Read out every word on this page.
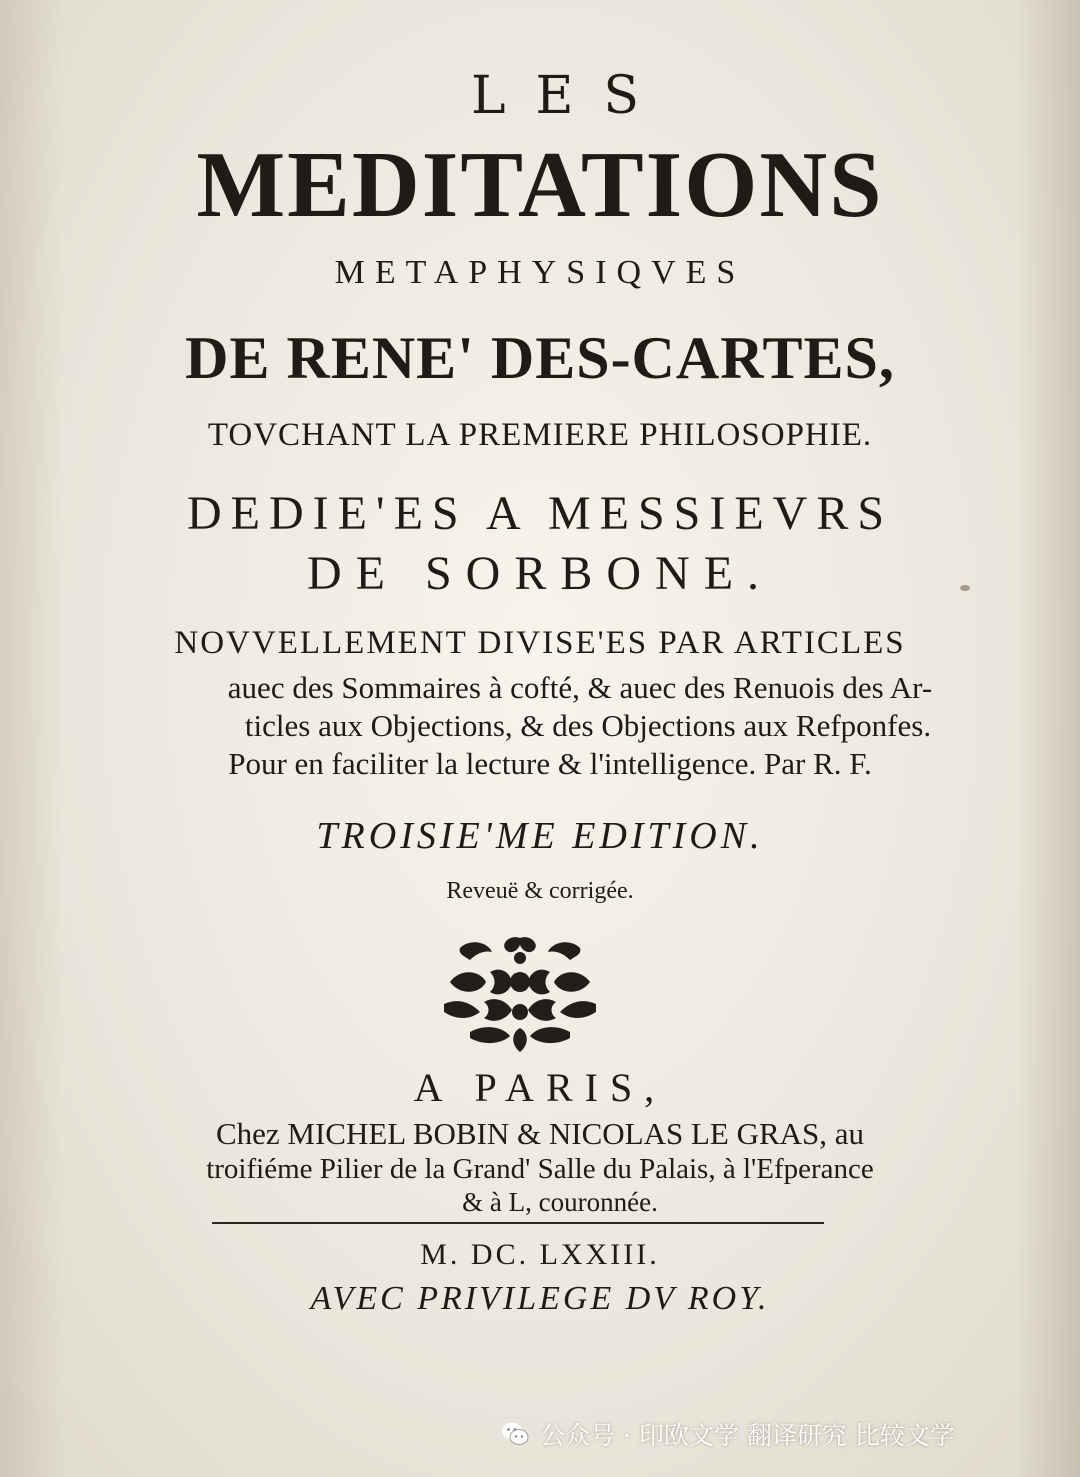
LES
MEDITATIONS
METAPHYSIQVES
DE RENE' DES-CARTES,
TOVCHANT LA PREMIERE PHILOSOPHIE.
DEDIE'ES A MESSIEVRS
DE SORBONE.
NOVVELLEMENT DIVISE'ES PAR ARTICLES
auec des Sommaires à cofté, & auec des Renuois des Ar-
ticles aux Objections, & des Objections aux Refponfes.
Pour en faciliter la lecture & l'intelligence. Par R. F.
TROISIE'ME EDITION.
Reveuë & corrigée.
A PARIS,
Chez MICHEL BOBIN & NICOLAS LE GRAS, au
troifiéme Pilier de la Grand' Salle du Palais, à l'Efperance
& à L, couronnée.
M. DC. LXXIII.
AVEC PRIVILEGE DV ROY.
公众号 · 印欧文学 翻译研究 比较文学
